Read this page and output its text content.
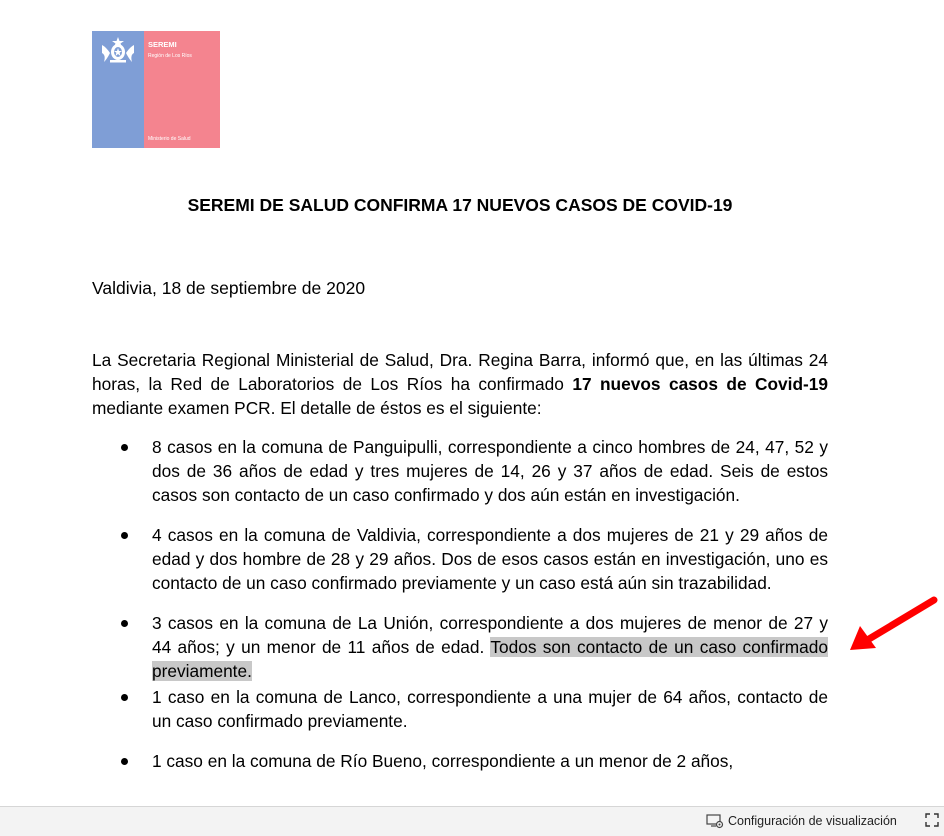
SEREMI
Región de Los Ríos
Ministerio de Salud
SEREMI DE SALUD CONFIRMA 17 NUEVOS CASOS DE COVID-19
Valdivia, 18 de septiembre de 2020

La Secretaria Regional Ministerial de Salud, Dra. Regina Barra, informó que, en las últimas 24 horas, la Red de Laboratorios de Los Ríos ha confirmado 17 nuevos casos de Covid-19 mediante examen PCR. El detalle de éstos es el siguiente:

8 casos en la comuna de Panguipulli, correspondiente a cinco hombres de 24, 47, 52 y dos de 36 años de edad y tres mujeres de 14, 26 y 37 años de edad. Seis de estos casos son contacto de un caso confirmado y dos aún están en investigación.
4 casos en la comuna de Valdivia, correspondiente a dos mujeres de 21 y 29 años de edad y dos hombre de 28 y 29 años. Dos de esos casos están en investigación, uno es contacto de un caso confirmado previamente y un caso está aún sin trazabilidad.
3 casos en la comuna de La Unión, correspondiente a dos mujeres de menor de 27 y 44 años; y un menor de 11 años de edad. Todos son contacto de un caso confirmado previamente.
1 caso en la comuna de Lanco, correspondiente a una mujer de 64 años, contacto de un caso confirmado previamente.
1 caso en la comuna de Río Bueno, correspondiente a un menor de 2 años,
Configuración de visualización
